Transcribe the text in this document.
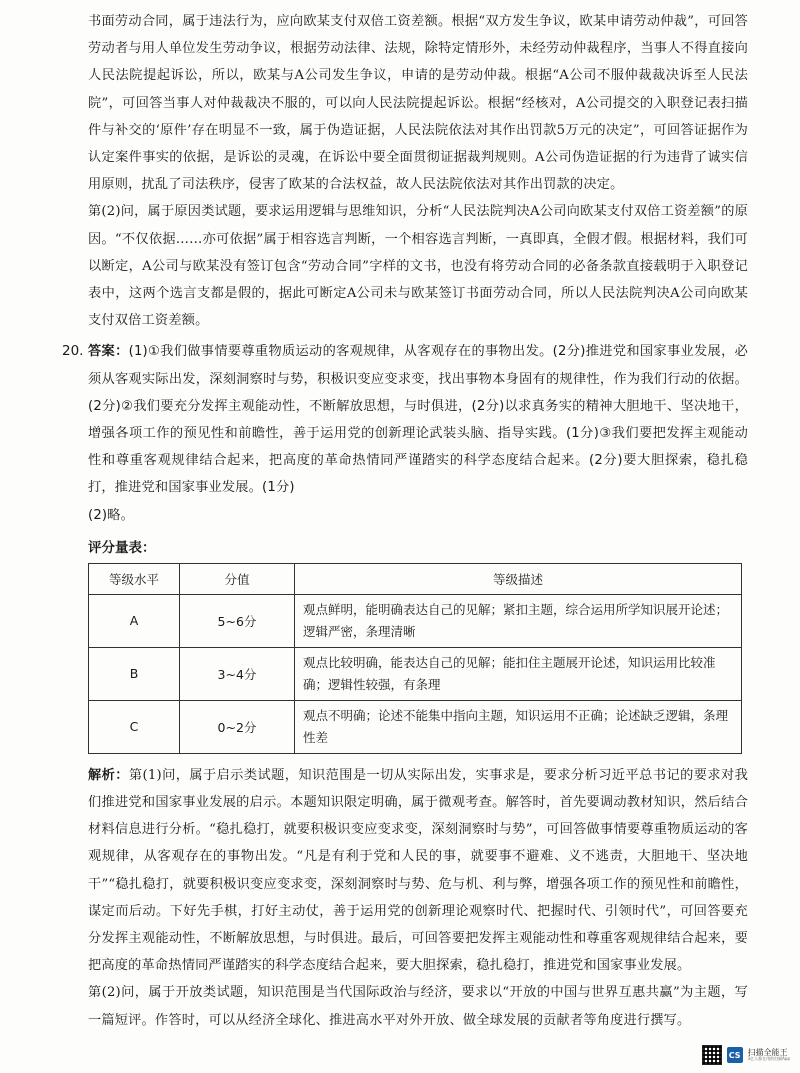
书面劳动合同，属于违法行为，应向欧某支付双倍工资差额。根据“双方发生争议，欧某申请劳动仲裁”，可回答劳动者与用人单位发生劳动争议，根据劳动法律、法规，除特定情形外，未经劳动仲裁程序，当事人不得直接向人民法院提起诉讼，所以，欧某与A公司发生争议，申请的是劳动仲裁。根据“A公司不服仲裁裁决诉至人民法院”，可回答当事人对仲裁裁决不服的，可以向人民法院提起诉讼。根据“经核对，A公司提交的入职登记表扫描件与补交的‘原件’存在明显不一致，属于伪造证据，人民法院依法对其作出罚款5万元的决定”，可回答证据作为认定案件事实的依据，是诉讼的灵魂，在诉讼中要全面贯彻证据裁判规则。A公司伪造证据的行为违背了诚实信用原则，扰乱了司法秩序，侵害了欧某的合法权益，故人民法院依法对其作出罚款的决定。

第(2)问，属于原因类试题，要求运用逻辑与思维知识，分析“人民法院判决A公司向欧某支付双倍工资差额”的原因。“不仅依据……亦可依据”属于相容选言判断，一个相容选言判断，一真即真，全假才假。根据材料，我们可以断定，A公司与欧某没有签订包含“劳动合同”字样的文书，也没有将劳动合同的必备条款直接载明于入职登记表中，这两个选言支都是假的，据此可断定A公司未与欧某签订书面劳动合同，所以人民法院判决A公司向欧某支付双倍工资差额。

20. 答案：(1)①我们做事情要尊重物质运动的客观规律，从客观存在的事物出发。(2分)推进党和国家事业发展，必须从客观实际出发，深刻洞察时与势，积极识变应变求变，找出事物本身固有的规律性，作为我们行动的依据。(2分)②我们要充分发挥主观能动性，不断解放思想，与时俱进，(2分)以求真务实的精神大胆地干、坚决地干，增强各项工作的预见性和前瞻性，善于运用党的创新理论武装头脑、指导实践。(1分)③我们要把发挥主观能动性和尊重客观规律结合起来，把高度的革命热情同严谨踏实的科学态度结合起来。(2分)要大胆探索，稳扎稳打，推进党和国家事业发展。(1分)

(2)略。

评分量表：
等级水平	分值	等级描述
A	5~6分	观点鲜明，能明确表达自己的见解；紧扣主题，综合运用所学知识展开论述；逻辑严密，条理清晰
B	3~4分	观点比较明确，能表达自己的见解；能扣住主题展开论述，知识运用比较准确；逻辑性较强，有条理
C	0~2分	观点不明确；论述不能集中指向主题，知识运用不正确；论述缺乏逻辑，条理性差

解析：第(1)问，属于启示类试题，知识范围是一切从实际出发，实事求是，要求分析习近平总书记的要求对我们推进党和国家事业发展的启示。本题知识限定明确，属于微观考查。解答时，首先要调动教材知识，然后结合材料信息进行分析。“稳扎稳打，就要积极识变应变求变，深刻洞察时与势”，可回答做事情要尊重物质运动的客观规律，从客观存在的事物出发。“凡是有利于党和人民的事，就要事不避难、义不逃责，大胆地干、坚决地干”“稳扎稳打，就要积极识变应变求变，深刻洞察时与势、危与机、利与弊，增强各项工作的预见性和前瞻性，谋定而后动。下好先手棋，打好主动仗，善于运用党的创新理论观察时代、把握时代、引领时代”，可回答要充分发挥主观能动性，不断解放思想，与时俱进。最后，可回答要把发挥主观能动性和尊重客观规律结合起来，要把高度的革命热情同严谨踏实的科学态度结合起来，要大胆探索，稳扎稳打，推进党和国家事业发展。

第(2)问，属于开放类试题，知识范围是当代国际政治与经济，要求以“开放的中国与世界互惠共赢”为主题，写一篇短评。作答时，可以从经济全球化、推进高水平对外开放、做全球发展的贡献者等角度进行撰写。

CS 扫描全能王
3亿人都在用的扫描App
